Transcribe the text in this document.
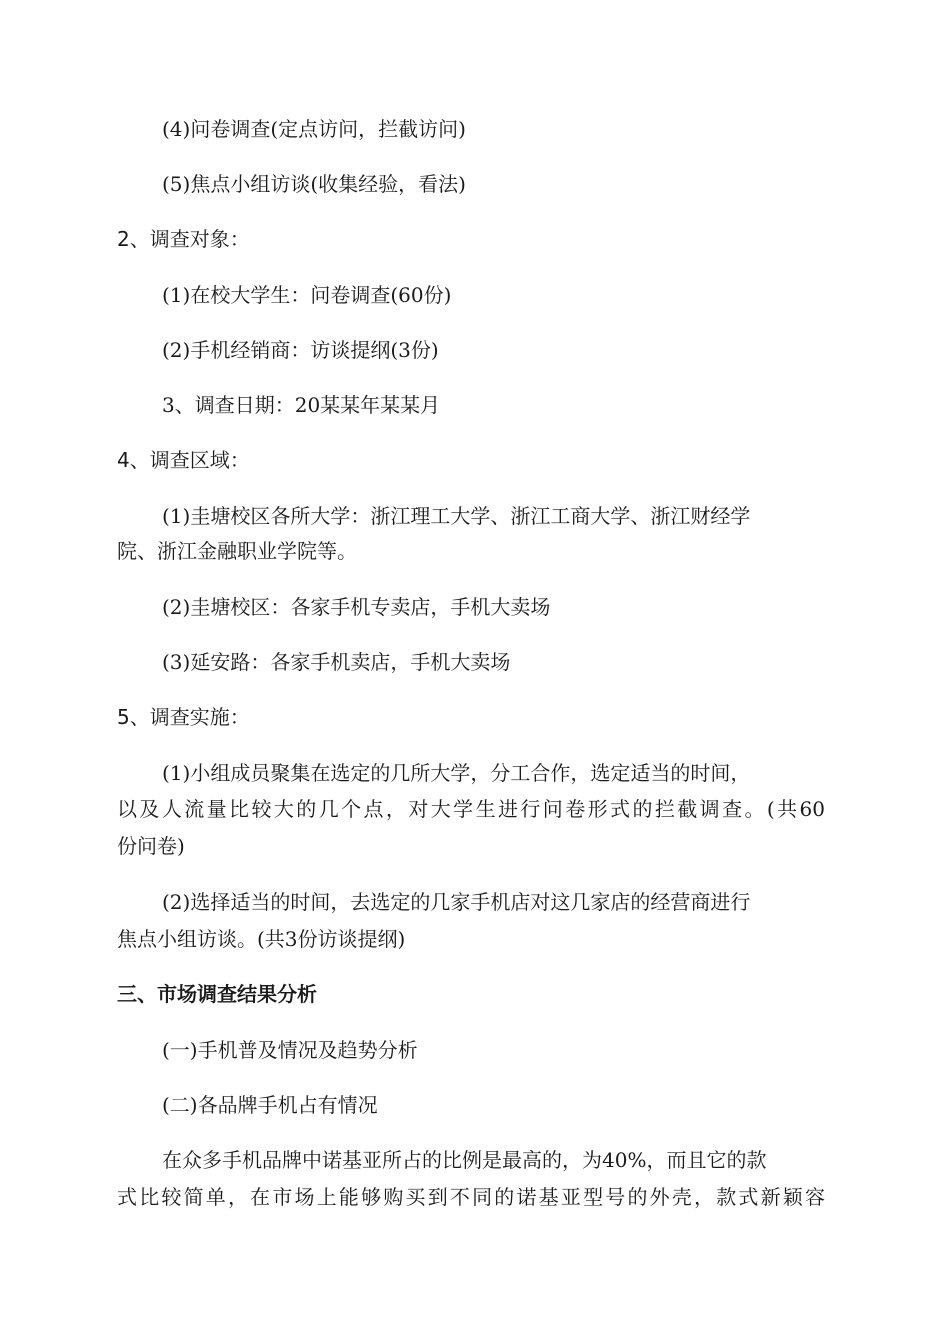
(4)问卷调查(定点访问，拦截访问)
(5)焦点小组访谈(收集经验，看法)
2、调查对象：
(1)在校大学生：问卷调查(60份)
(2)手机经销商：访谈提纲(3份)
3、调查日期：20某某年某某月
4、调查区域：
(1)圭塘校区各所大学：浙江理工大学、浙江工商大学、浙江财经学
院、浙江金融职业学院等。
(2)圭塘校区：各家手机专卖店，手机大卖场
(3)延安路：各家手机卖店，手机大卖场
5、调查实施：
(1)小组成员聚集在选定的几所大学，分工合作，选定适当的时间，
以及人流量比较大的几个点，对大学生进行问卷形式的拦截调查。(共60
份问卷)
(2)选择适当的时间，去选定的几家手机店对这几家店的经营商进行
焦点小组访谈。(共3份访谈提纲)
三、市场调查结果分析
(一)手机普及情况及趋势分析
(二)各品牌手机占有情况
在众多手机品牌中诺基亚所占的比例是最高的，为40%，而且它的款
式比较简单，在市场上能够购买到不同的诺基亚型号的外壳，款式新颖容
